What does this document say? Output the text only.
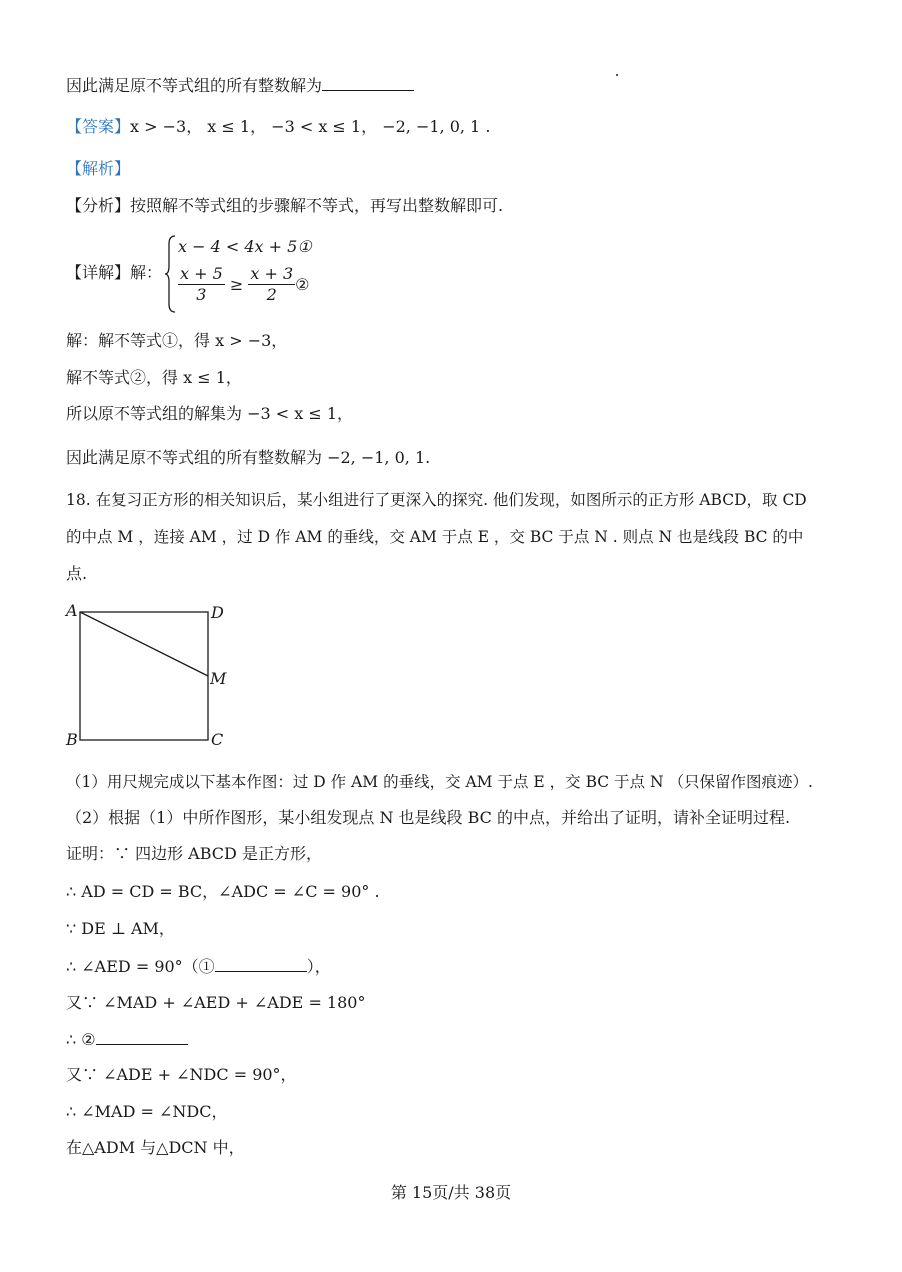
因此满足原不等式组的所有整数解为
【答案】x > −3， x ≤ 1， −3 < x ≤ 1， −2, −1, 0, 1 .
【解析】
【分析】按照解不等式组的步骤解不等式，再写出整数解即可.
【详解】解：
x − 4 < 4x + 5①
$\frac{x + 5}{3} \ge \frac{x + 3}{2}$ ②
解：解不等式①，得 x > −3，
解不等式②，得 x ≤ 1，
所以原不等式组的解集为 −3 < x ≤ 1，
因此满足原不等式组的所有整数解为 −2, −1, 0, 1.
18. 在复习正方形的相关知识后，某小组进行了更深入的探究. 他们发现，如图所示的正方形 ABCD，取 CD
的中点 M ，连接 AM ，过 D 作 AM 的垂线，交 AM 于点 E ，交 BC 于点 N . 则点 N 也是线段 BC 的中
点.
A	D
M
B	C
（1）用尺规完成以下基本作图：过 D 作 AM 的垂线，交 AM 于点 E ，交 BC 于点 N （只保留作图痕迹）.
（2）根据（1）中所作图形，某小组发现点 N 也是线段 BC 的中点，并给出了证明，请补全证明过程.
证明：∵ 四边形 ABCD 是正方形，
∴ AD = CD = BC，∠ADC = ∠C = 90° .
∵ DE ⊥ AM，
∴ ∠AED = 90°（①	），
又∵ ∠MAD + ∠AED + ∠ADE = 180°
∴ ②
又∵ ∠ADE + ∠NDC = 90°，
∴ ∠MAD = ∠NDC，
在△ADM 与△DCN 中，
第 15页/共 38页
